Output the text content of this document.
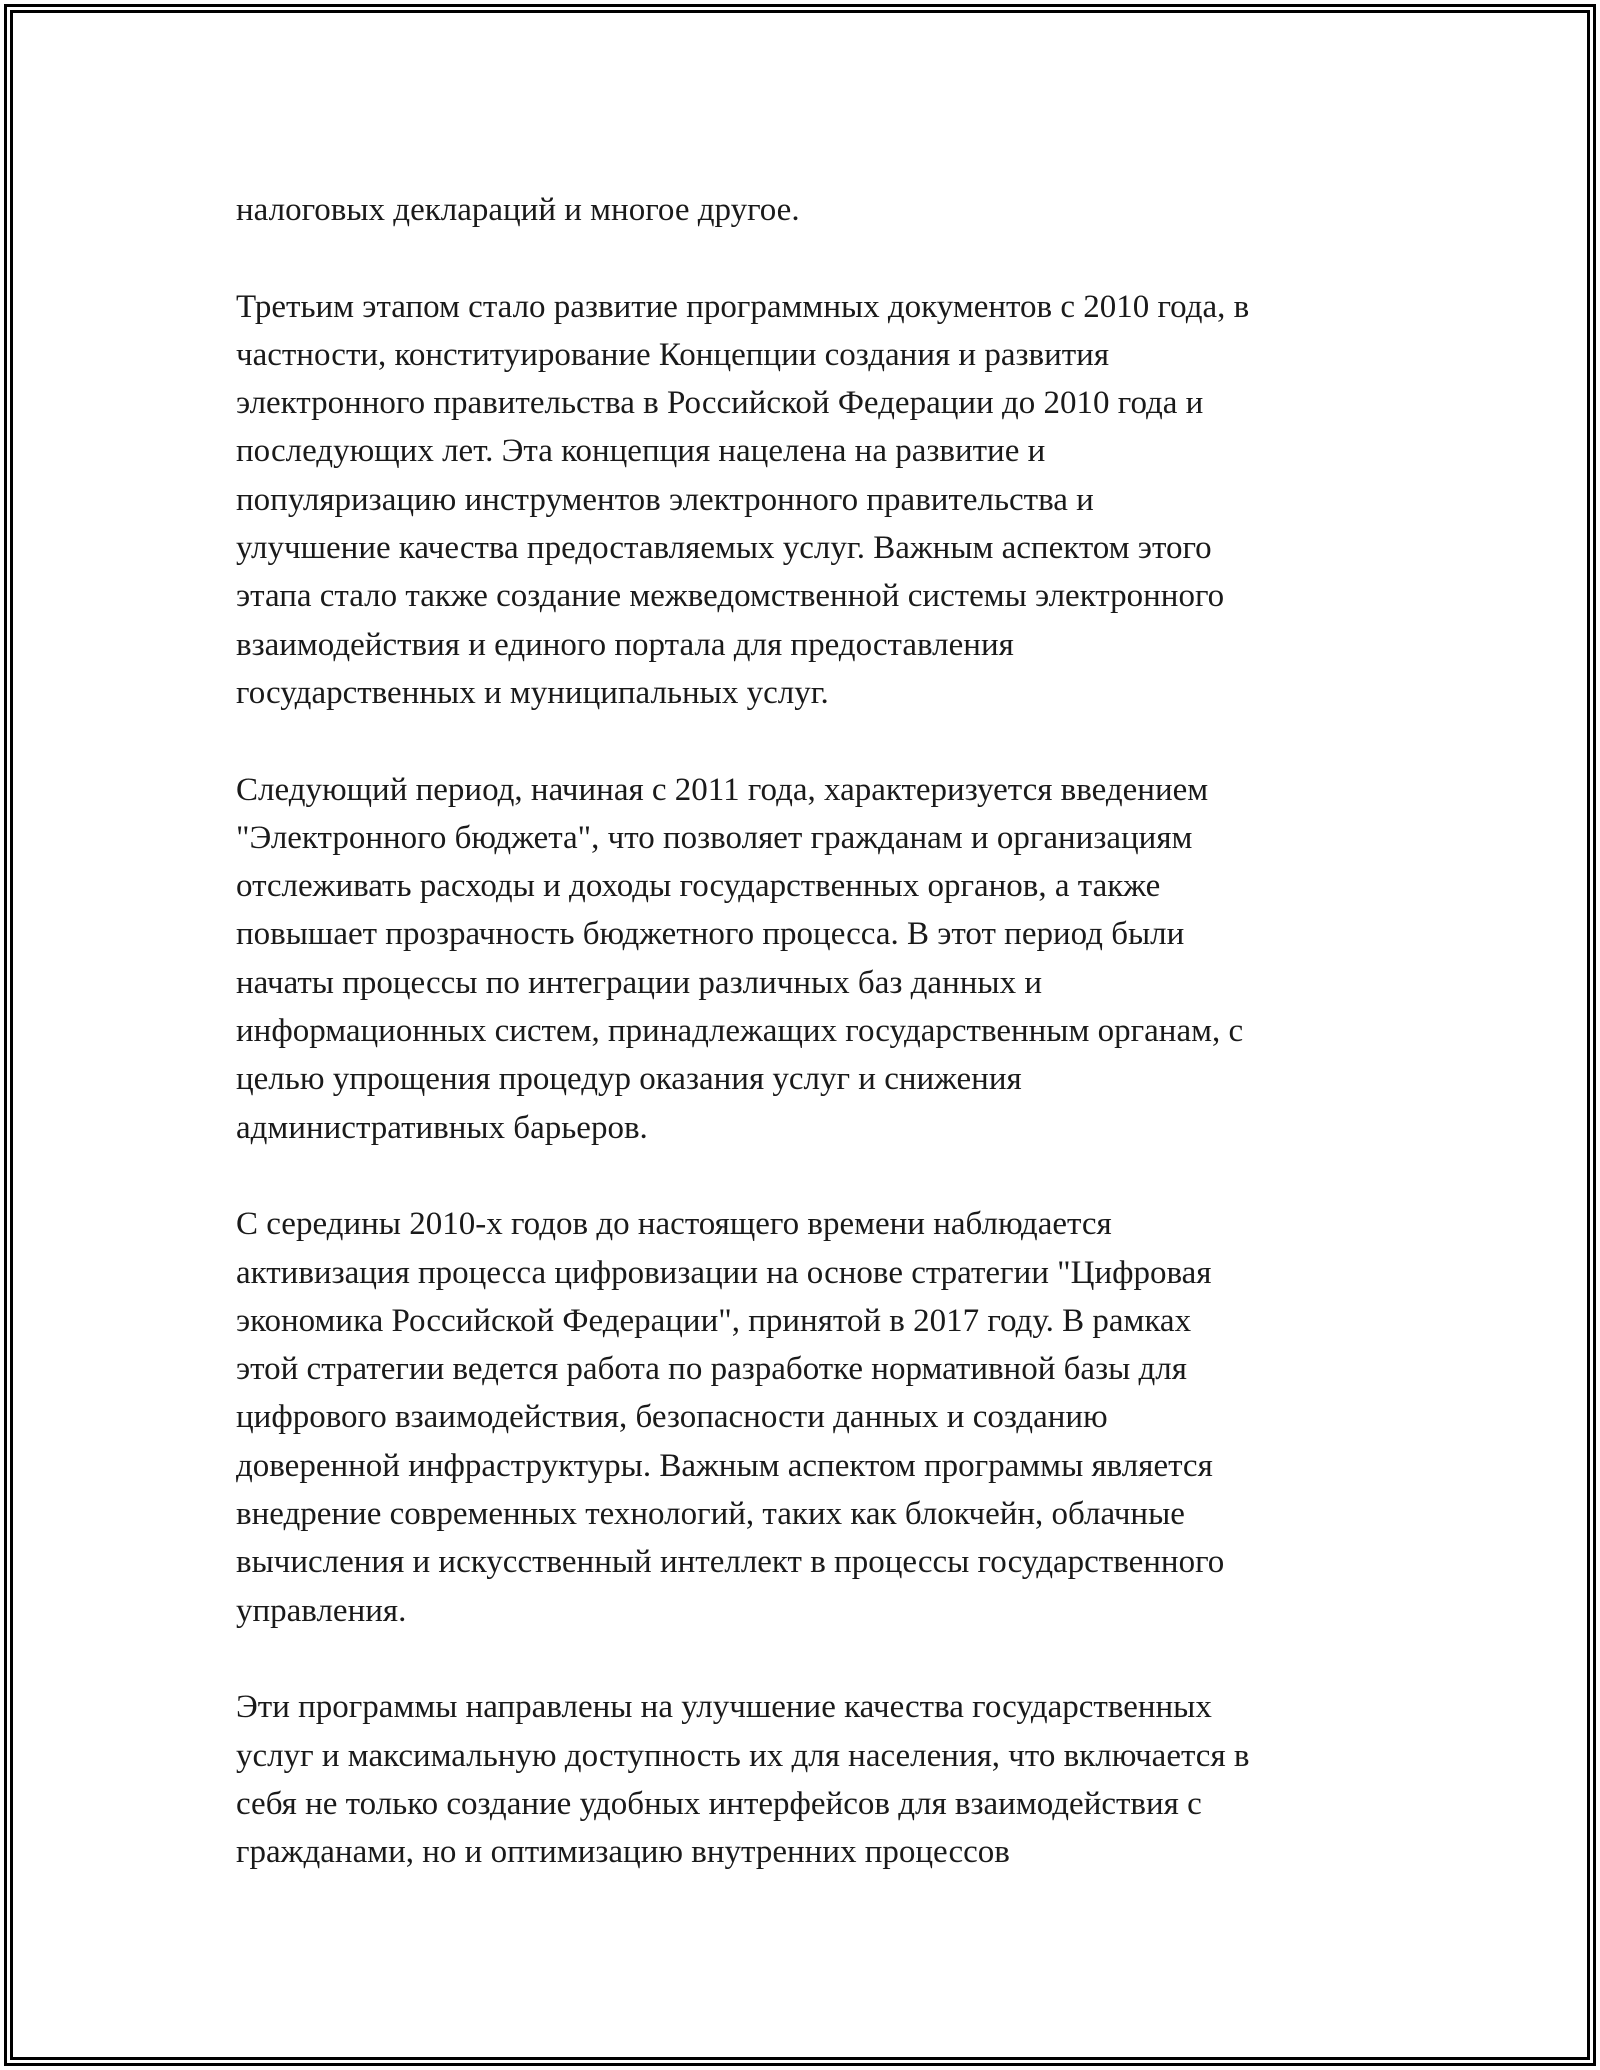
налоговых деклараций и многое другое.
Третьим этапом стало развитие программных документов с 2010 года, в
частности, конституирование Концепции создания и развития
электронного правительства в Российской Федерации до 2010 года и
последующих лет. Эта концепция нацелена на развитие и
популяризацию инструментов электронного правительства и
улучшение качества предоставляемых услуг. Важным аспектом этого
этапа стало также создание межведомственной системы электронного
взаимодействия и единого портала для предоставления
государственных и муниципальных услуг.
Следующий период, начиная с 2011 года, характеризуется введением
"Электронного бюджета", что позволяет гражданам и организациям
отслеживать расходы и доходы государственных органов, а также
повышает прозрачность бюджетного процесса. В этот период были
начаты процессы по интеграции различных баз данных и
информационных систем, принадлежащих государственным органам, с
целью упрощения процедур оказания услуг и снижения
административных барьеров.
С середины 2010-х годов до настоящего времени наблюдается
активизация процесса цифровизации на основе стратегии "Цифровая
экономика Российской Федерации", принятой в 2017 году. В рамках
этой стратегии ведется работа по разработке нормативной базы для
цифрового взаимодействия, безопасности данных и созданию
доверенной инфраструктуры. Важным аспектом программы является
внедрение современных технологий, таких как блокчейн, облачные
вычисления и искусственный интеллект в процессы государственного
управления.
Эти программы направлены на улучшение качества государственных
услуг и максимальную доступность их для населения, что включается в
себя не только создание удобных интерфейсов для взаимодействия с
гражданами, но и оптимизацию внутренних процессов
